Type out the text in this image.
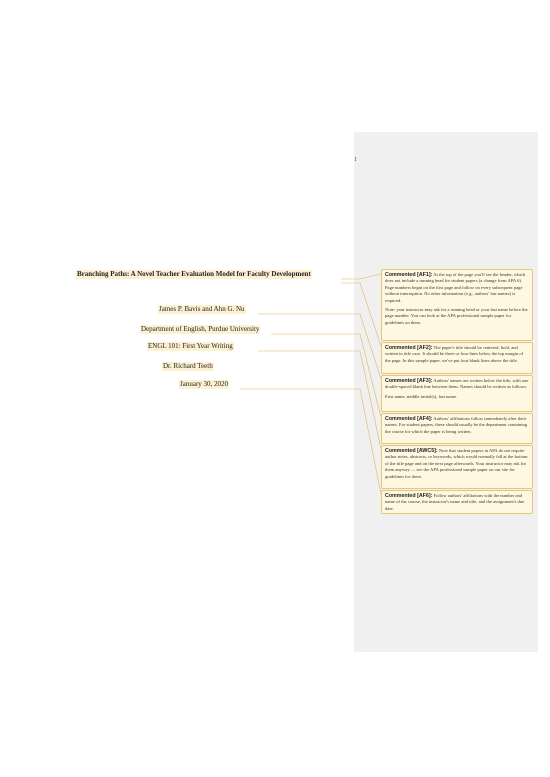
1
Branching Paths: A Novel Teacher Evaluation Model for Faculty Development
James P. Bavis and Ahn G. Nu
Department of English, Purdue University
ENGL 101: First Year Writing
Dr. Richard Teeth
January 30, 2020

Commented [AF1]: At the top of the page you'll see the header, which does not include a running head for student papers (a change from APA 6). Page numbers begin on the first page and follow on every subsequent page without interruption. No other information (e.g., authors' last names) is required.

Note: your instructor may ask for a running head or your last name before the page number. You can look at the APA professional sample paper for guidelines on these.

Commented [AF2]: The paper's title should be centered, bold, and written in title case. It should be three or four lines below the top margin of the page. In this sample paper, we've put four blank lines above the title.

Commented [AF3]: Authors' names are written below the title, with one double-spaced blank line between them. Names should be written as follows:

First name, middle initial(s), last name.

Commented [AF4]: Authors' affiliations follow immediately after their names. For student papers, these should usually be the department containing the course for which the paper is being written.

Commented [AWC5]: Note that student papers in APA do not require author notes, abstracts, or keywords, which would normally fall at the bottom of the title page and on the next page afterwards. Your instructor may ask for them anyway — see the APA professional sample paper on our site for guidelines for these.

Commented [AF6]: Follow authors' affiliations with the number and name of the course, the instructor's name and title, and the assignment's due date.
